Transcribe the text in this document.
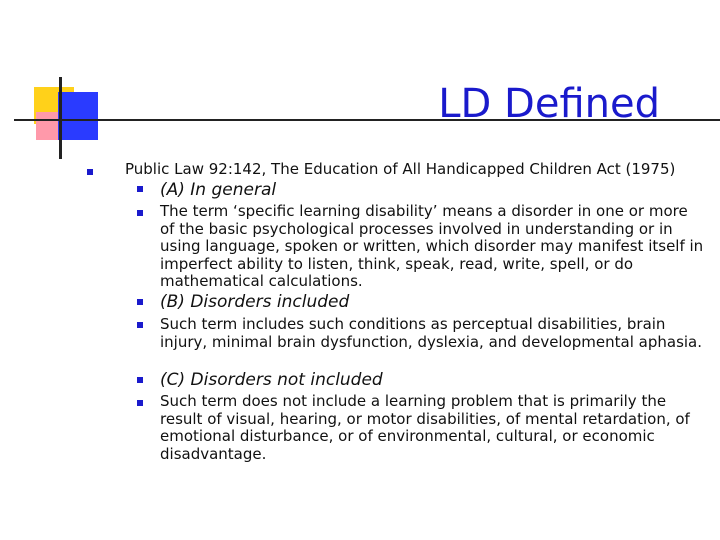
LD Defined
Public Law 92:142, The Education of All Handicapped Children Act (1975)
(A) In general
The term ‘specific learning disability’ means a disorder in one or more of the basic psychological processes involved in understanding or in using language, spoken or written, which disorder may manifest itself in imperfect ability to listen, think, speak, read, write, spell, or do mathematical calculations.
(B) Disorders included
Such term includes such conditions as perceptual disabilities, brain injury, minimal brain dysfunction, dyslexia, and developmental aphasia.
(C) Disorders not included
Such term does not include a learning problem that is primarily the result of visual, hearing, or motor disabilities, of mental retardation, of emotional disturbance, or of environmental, cultural, or economic disadvantage.
